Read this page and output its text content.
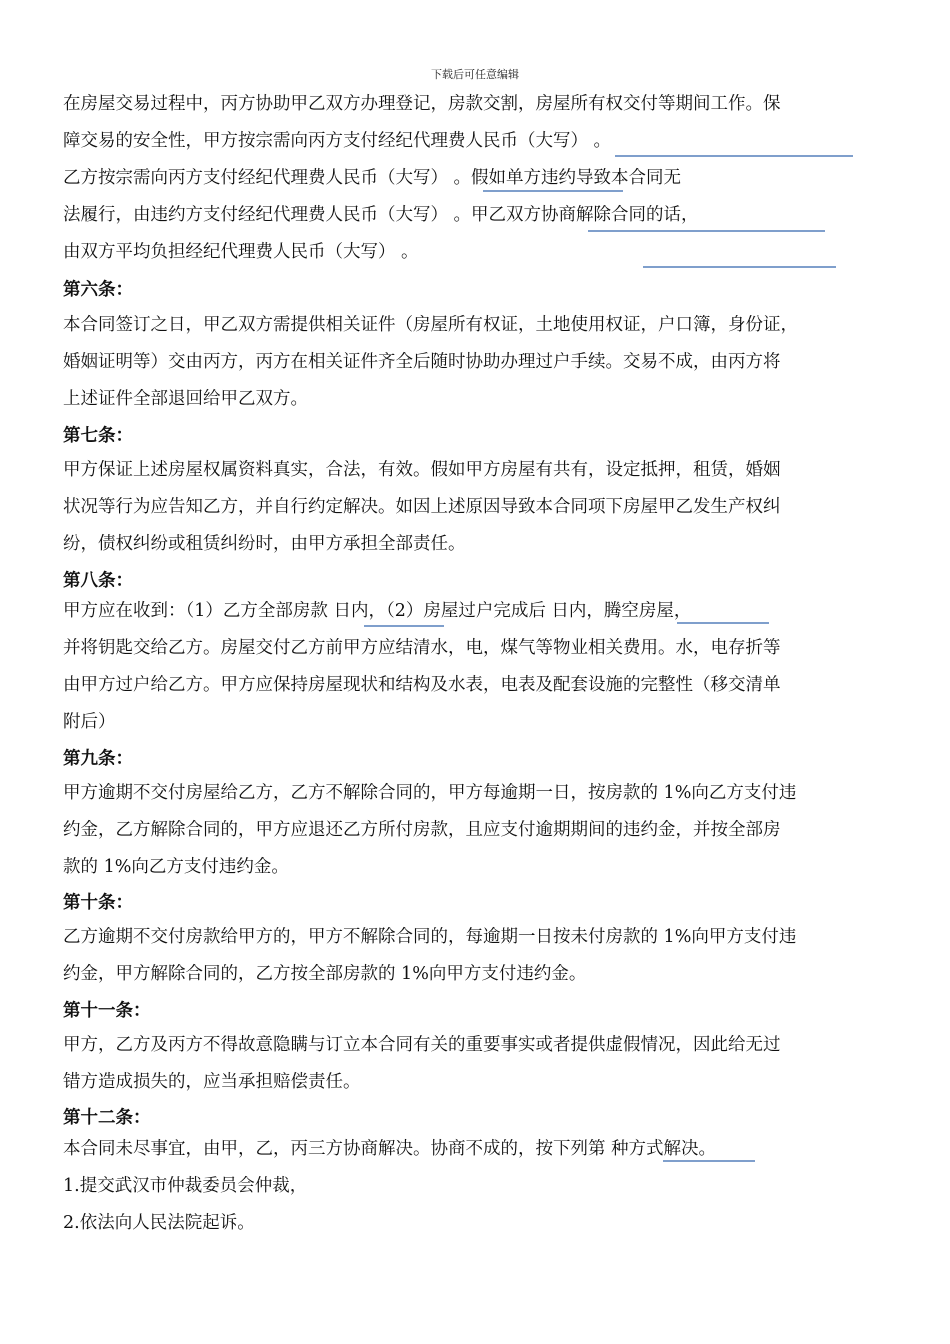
下载后可任意编辑
在房屋交易过程中，丙方协助甲乙双方办理登记，房款交割，房屋所有权交付等期间工作。保
障交易的安全性，甲方按宗需向丙方支付经纪代理费人民币（大写） 。
乙方按宗需向丙方支付经纪代理费人民币（大写） 。假如单方违约导致本合同无
法履行，由违约方支付经纪代理费人民币（大写） 。甲乙双方协商解除合同的话，
由双方平均负担经纪代理费人民币（大写） 。
第六条：
本合同签订之日，甲乙双方需提供相关证件（房屋所有权证，土地使用权证，户口簿，身份证，
婚姻证明等）交由丙方，丙方在相关证件齐全后随时协助办理过户手续。交易不成，由丙方将
上述证件全部退回给甲乙双方。
第七条：
甲方保证上述房屋权属资料真实，合法，有效。假如甲方房屋有共有，设定抵押，租赁，婚姻
状况等行为应告知乙方，并自行约定解决。如因上述原因导致本合同项下房屋甲乙发生产权纠
纷，债权纠纷或租赁纠纷时，由甲方承担全部责任。
第八条：
甲方应在收到：（1）乙方全部房款 日内，（2）房屋过户完成后 日内，腾空房屋，
并将钥匙交给乙方。房屋交付乙方前甲方应结清水，电，煤气等物业相关费用。水，电存折等
由甲方过户给乙方。甲方应保持房屋现状和结构及水表，电表及配套设施的完整性（移交清单
附后）
第九条：
甲方逾期不交付房屋给乙方，乙方不解除合同的，甲方每逾期一日，按房款的 1%向乙方支付违
约金，乙方解除合同的，甲方应退还乙方所付房款，且应支付逾期期间的违约金，并按全部房
款的 1%向乙方支付违约金。
第十条：
乙方逾期不交付房款给甲方的，甲方不解除合同的，每逾期一日按未付房款的 1%向甲方支付违
约金，甲方解除合同的，乙方按全部房款的 1%向甲方支付违约金。
第十一条：
甲方，乙方及丙方不得故意隐瞒与订立本合同有关的重要事实或者提供虚假情况，因此给无过
错方造成损失的，应当承担赔偿责任。
第十二条：
本合同未尽事宜，由甲，乙，丙三方协商解决。协商不成的，按下列第 种方式解决。
1.提交武汉市仲裁委员会仲裁，
2.依法向人民法院起诉。
